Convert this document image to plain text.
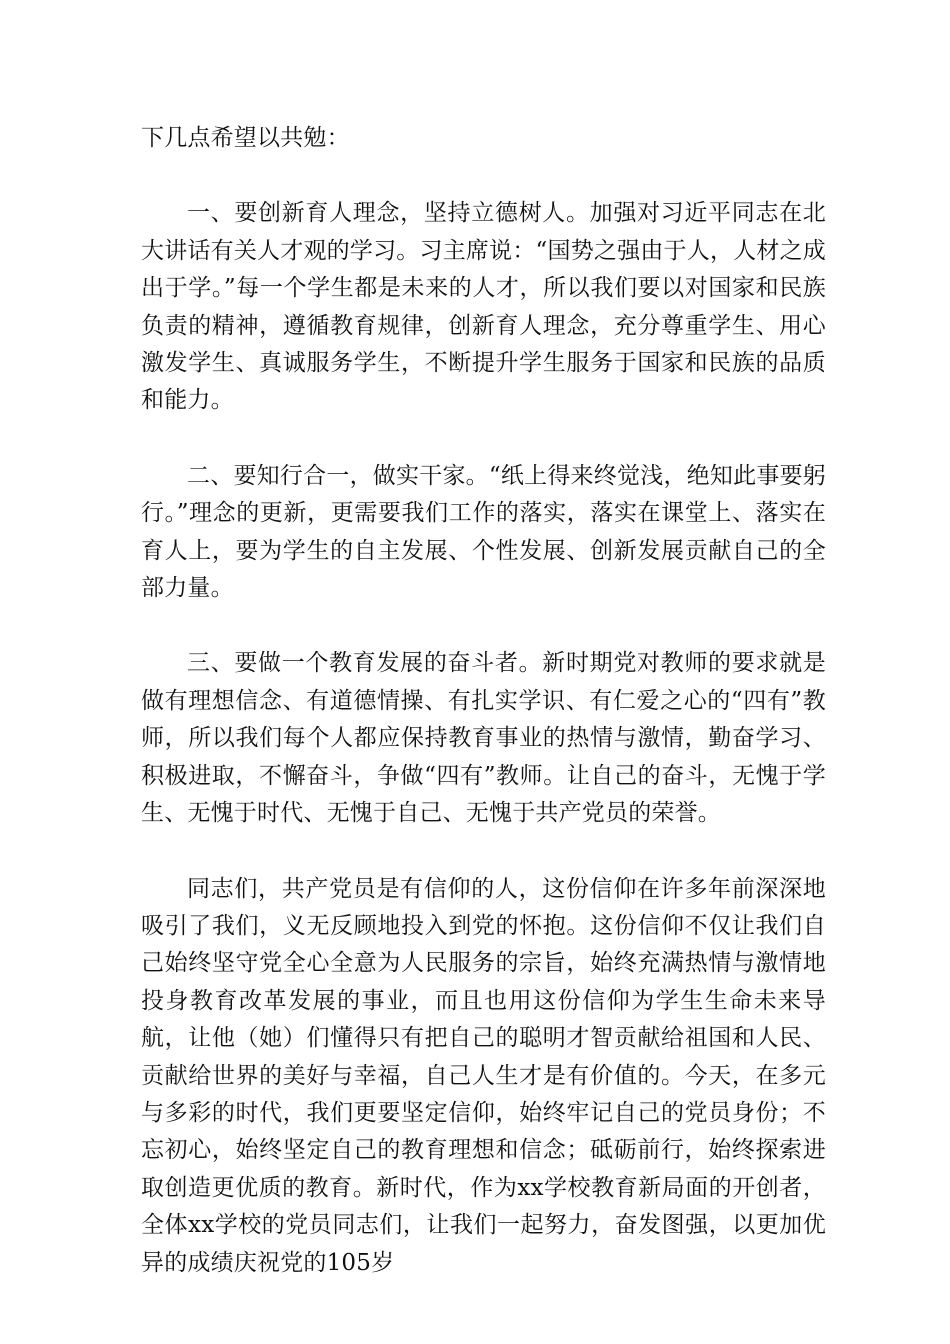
下几点希望以共勉：

一、要创新育人理念，坚持立德树人。加强对习近平同志在北大讲话有关人才观的学习。习主席说：“国势之强由于人，人材之成出于学。”每一个学生都是未来的人才，所以我们要以对国家和民族负责的精神，遵循教育规律，创新育人理念，充分尊重学生、用心激发学生、真诚服务学生，不断提升学生服务于国家和民族的品质和能力。

二、要知行合一，做实干家。“纸上得来终觉浅，绝知此事要躬行。”理念的更新，更需要我们工作的落实，落实在课堂上、落实在育人上，要为学生的自主发展、个性发展、创新发展贡献自己的全部力量。

三、要做一个教育发展的奋斗者。新时期党对教师的要求就是做有理想信念、有道德情操、有扎实学识、有仁爱之心的“四有”教师，所以我们每个人都应保持教育事业的热情与激情，勤奋学习、积极进取，不懈奋斗，争做“四有”教师。让自己的奋斗，无愧于学生、无愧于时代、无愧于自己、无愧于共产党员的荣誉。

同志们，共产党员是有信仰的人，这份信仰在许多年前深深地吸引了我们，义无反顾地投入到党的怀抱。这份信仰不仅让我们自己始终坚守党全心全意为人民服务的宗旨，始终充满热情与激情地投身教育改革发展的事业，而且也用这份信仰为学生生命未来导航，让他（她）们懂得只有把自己的聪明才智贡献给祖国和人民、贡献给世界的美好与幸福，自己人生才是有价值的。今天，在多元与多彩的时代，我们更要坚定信仰，始终牢记自己的党员身份；不忘初心，始终坚定自己的教育理想和信念；砥砺前行，始终探索进取创造更优质的教育。新时代，作为xx学校教育新局面的开创者，全体xx学校的党员同志们，让我们一起努力，奋发图强，以更加优异的成绩庆祝党的105岁
